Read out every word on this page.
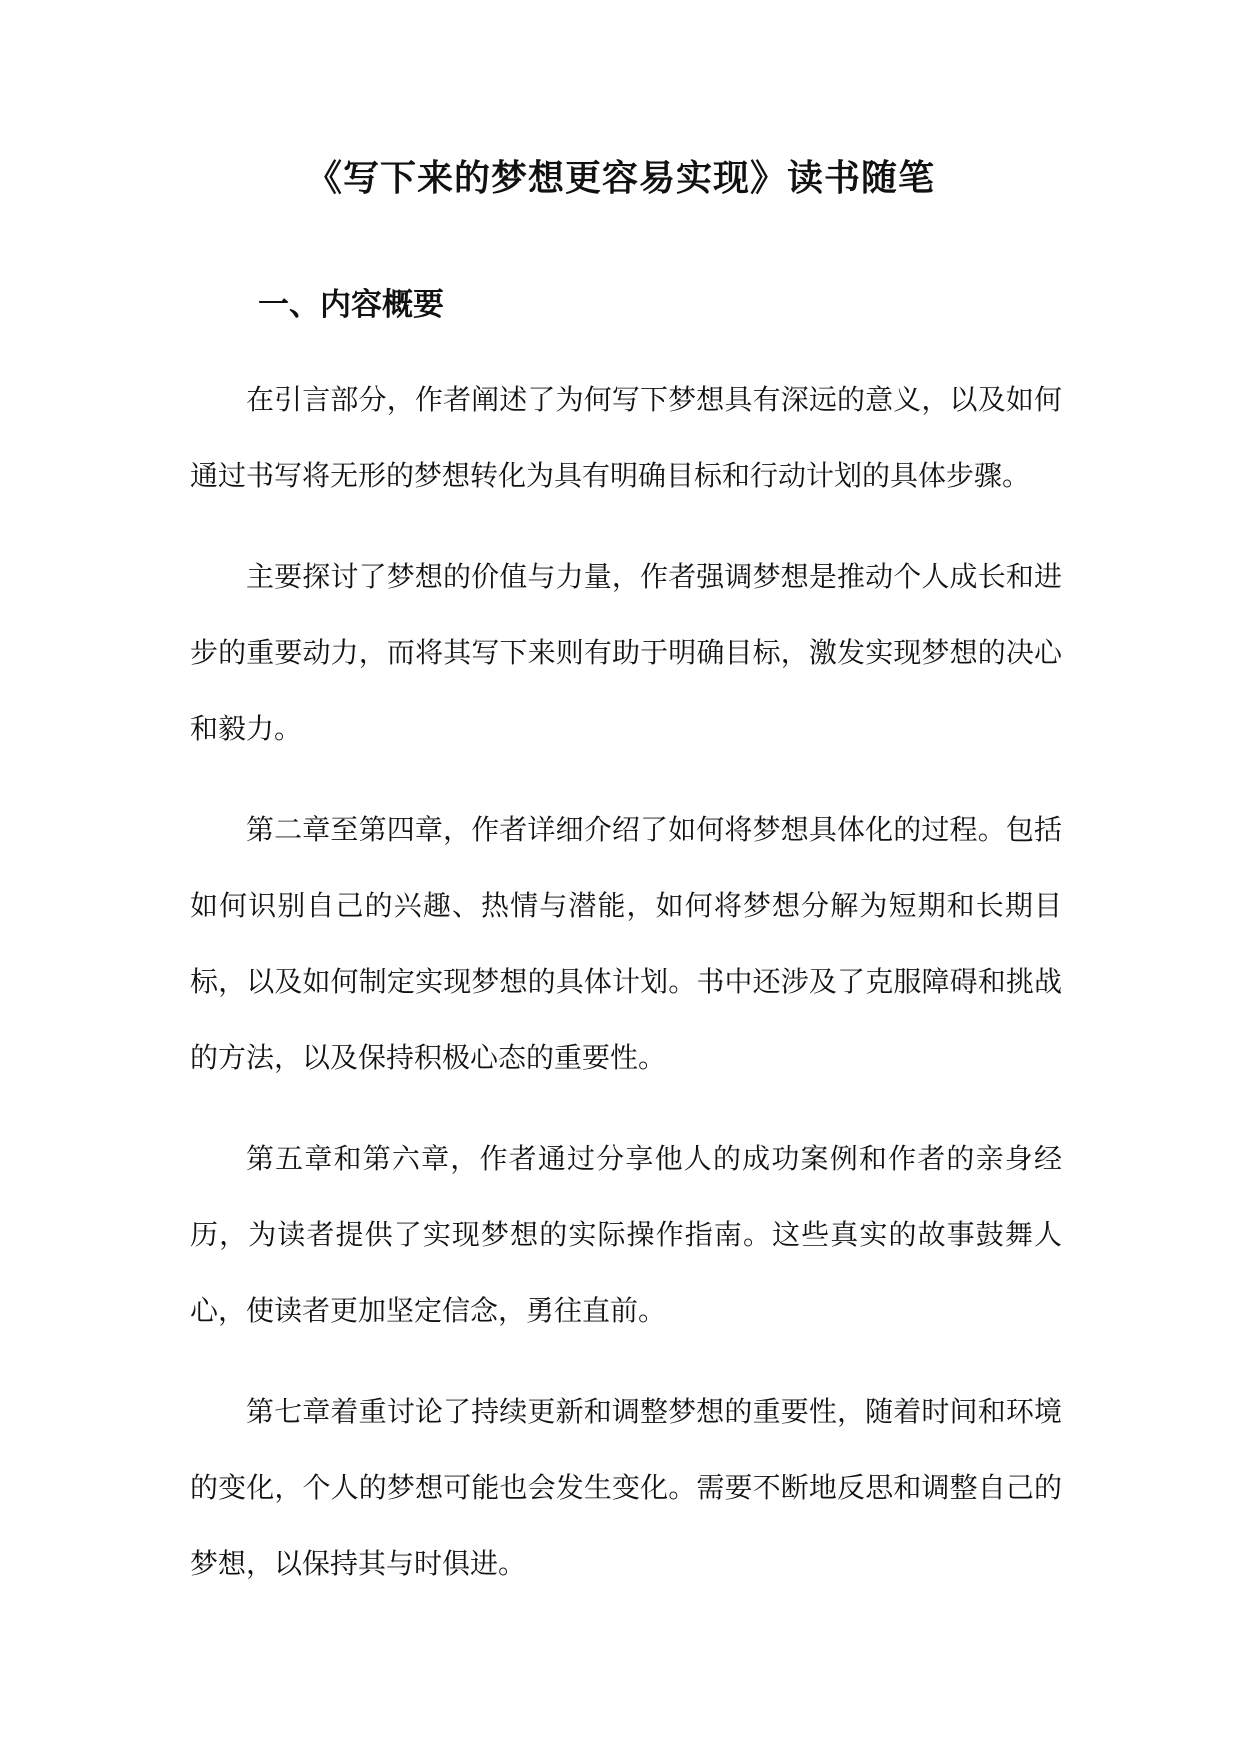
《写下来的梦想更容易实现》读书随笔
一、内容概要

在引言部分，作者阐述了为何写下梦想具有深远的意义，以及如何通过书写将无形的梦想转化为具有明确目标和行动计划的具体步骤。

主要探讨了梦想的价值与力量，作者强调梦想是推动个人成长和进步的重要动力，而将其写下来则有助于明确目标，激发实现梦想的决心和毅力。

第二章至第四章，作者详细介绍了如何将梦想具体化的过程。包括如何识别自己的兴趣、热情与潜能，如何将梦想分解为短期和长期目标，以及如何制定实现梦想的具体计划。书中还涉及了克服障碍和挑战的方法，以及保持积极心态的重要性。

第五章和第六章，作者通过分享他人的成功案例和作者的亲身经历，为读者提供了实现梦想的实际操作指南。这些真实的故事鼓舞人心，使读者更加坚定信念，勇往直前。

第七章着重讨论了持续更新和调整梦想的重要性，随着时间和环境的变化，个人的梦想可能也会发生变化。需要不断地反思和调整自己的梦想，以保持其与时俱进。
